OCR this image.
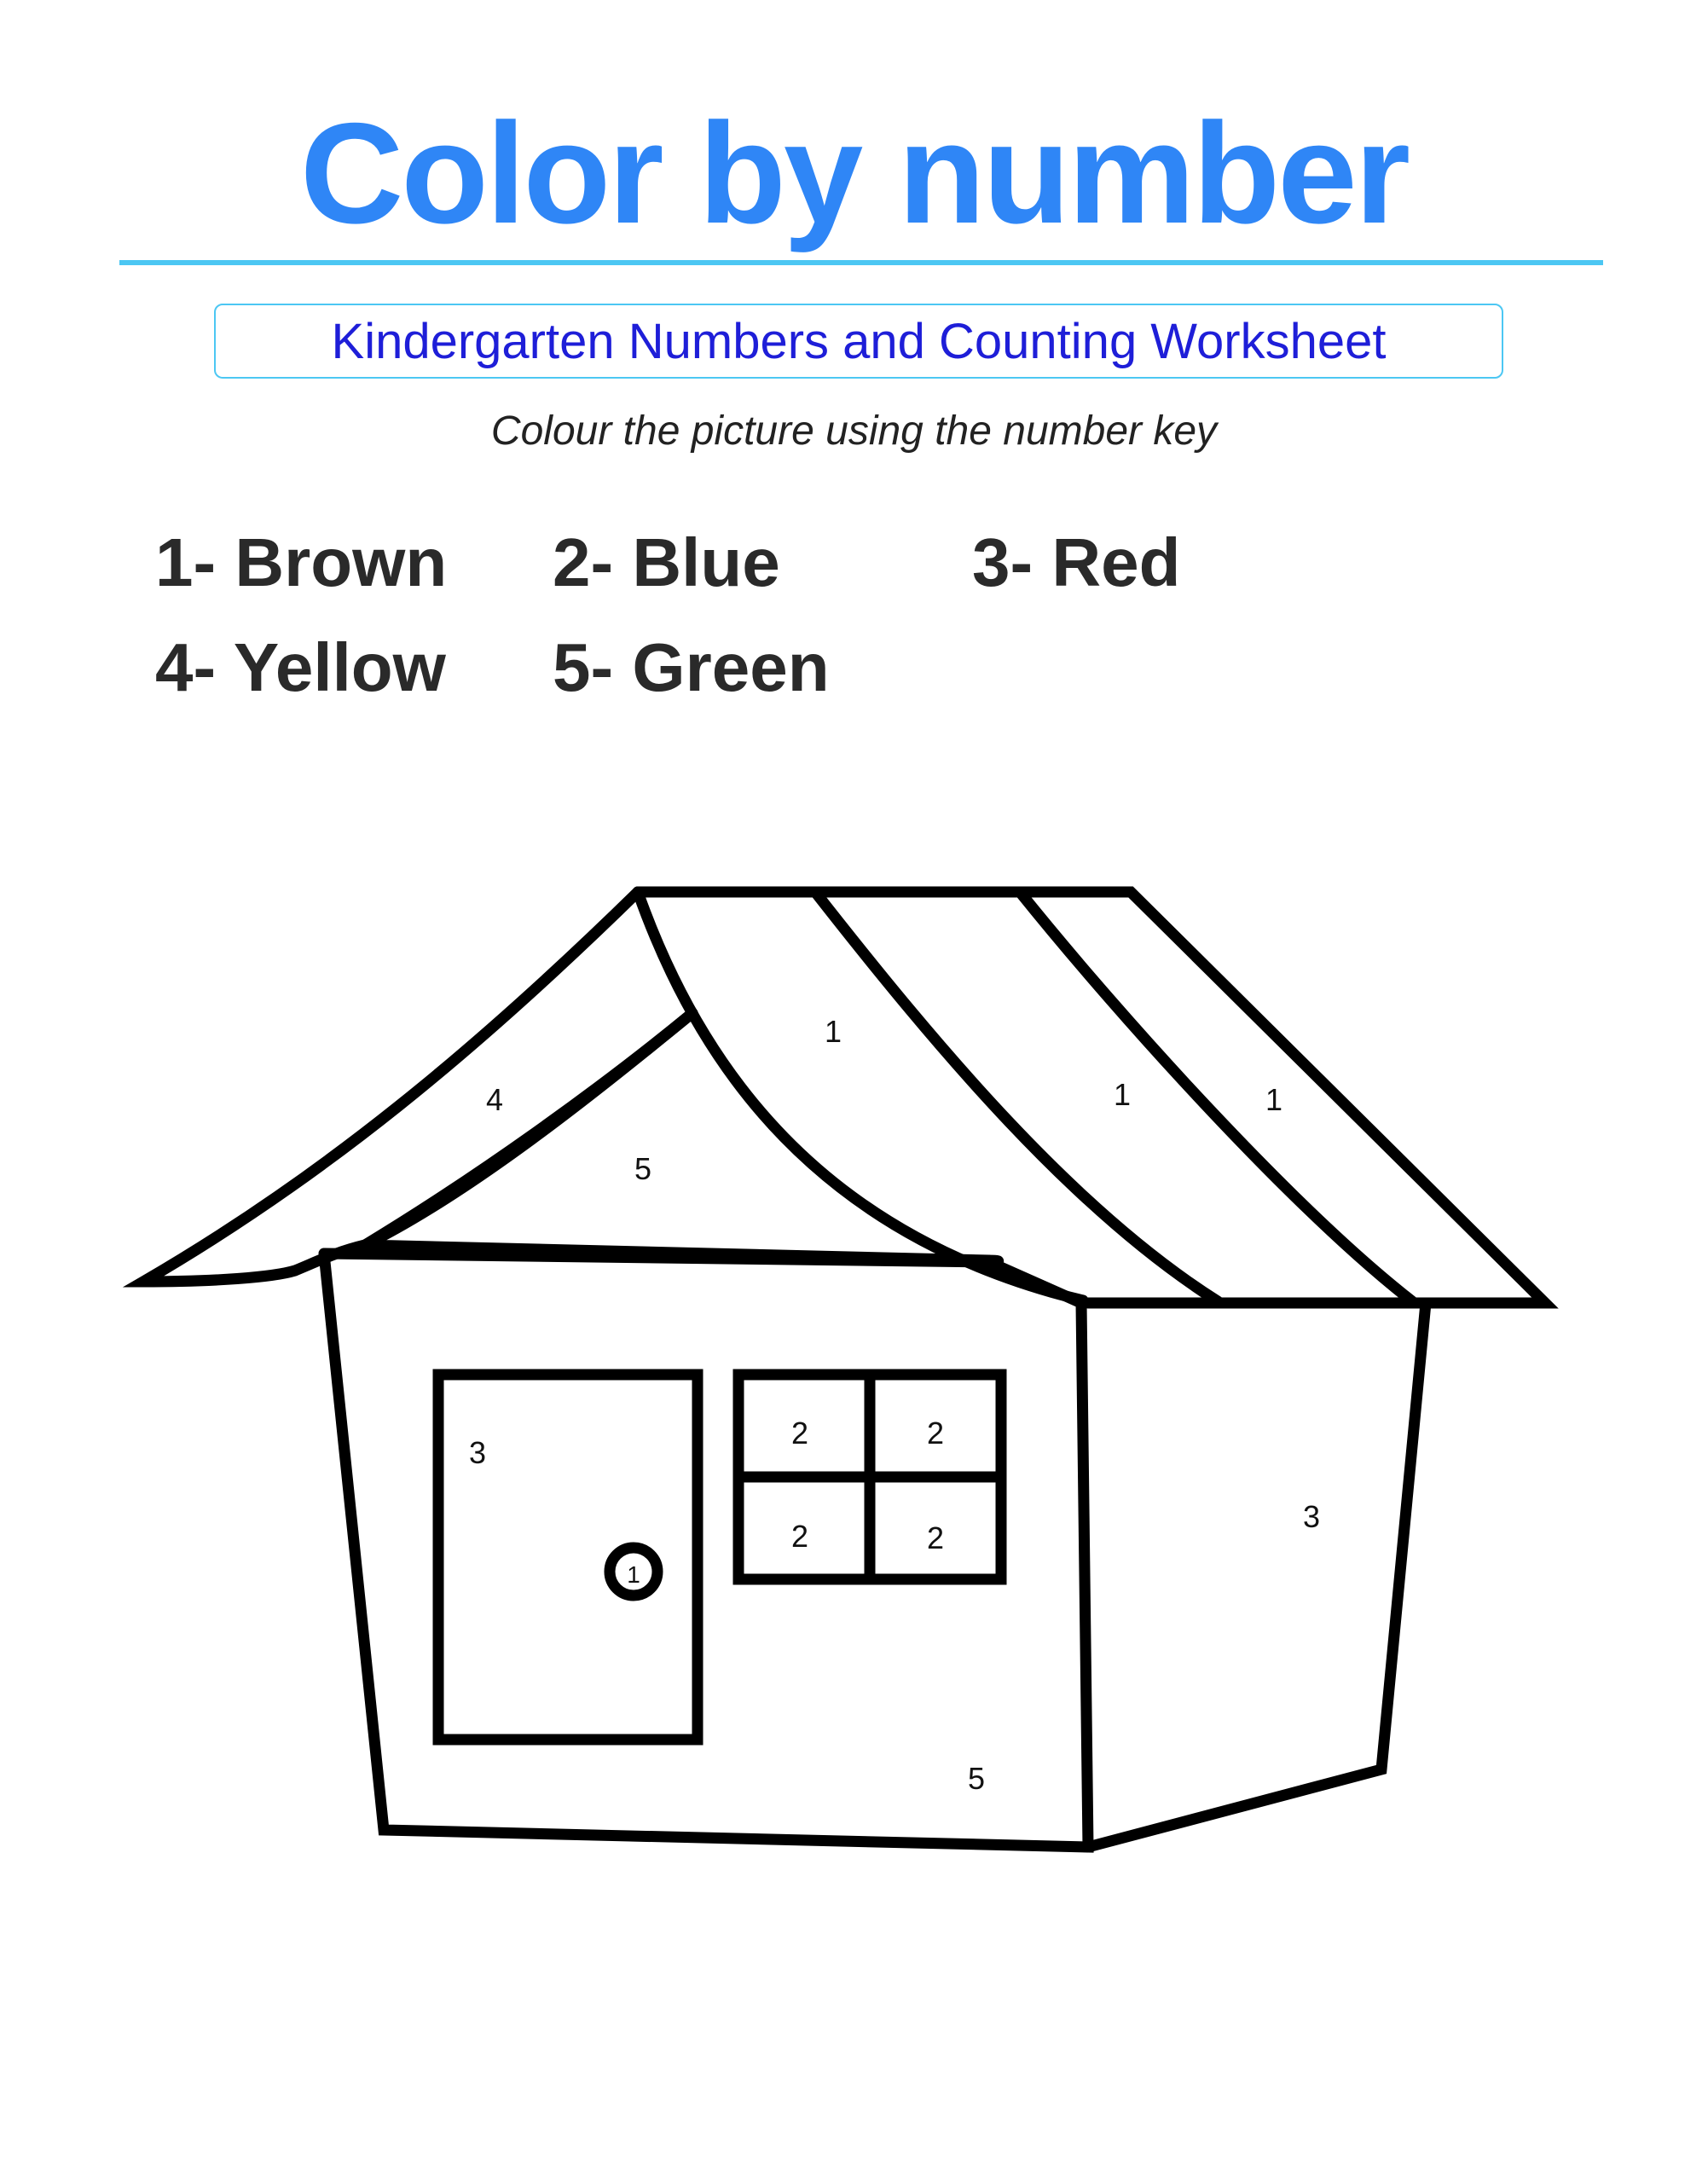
Color by number
Kindergarten Numbers and Counting Worksheet
Colour the picture using the number key
1- Brown 2- Blue	3- Red
4- Yellow 5- Green
1
1	1
4
5
3
1
2	2
2	2
5
3
